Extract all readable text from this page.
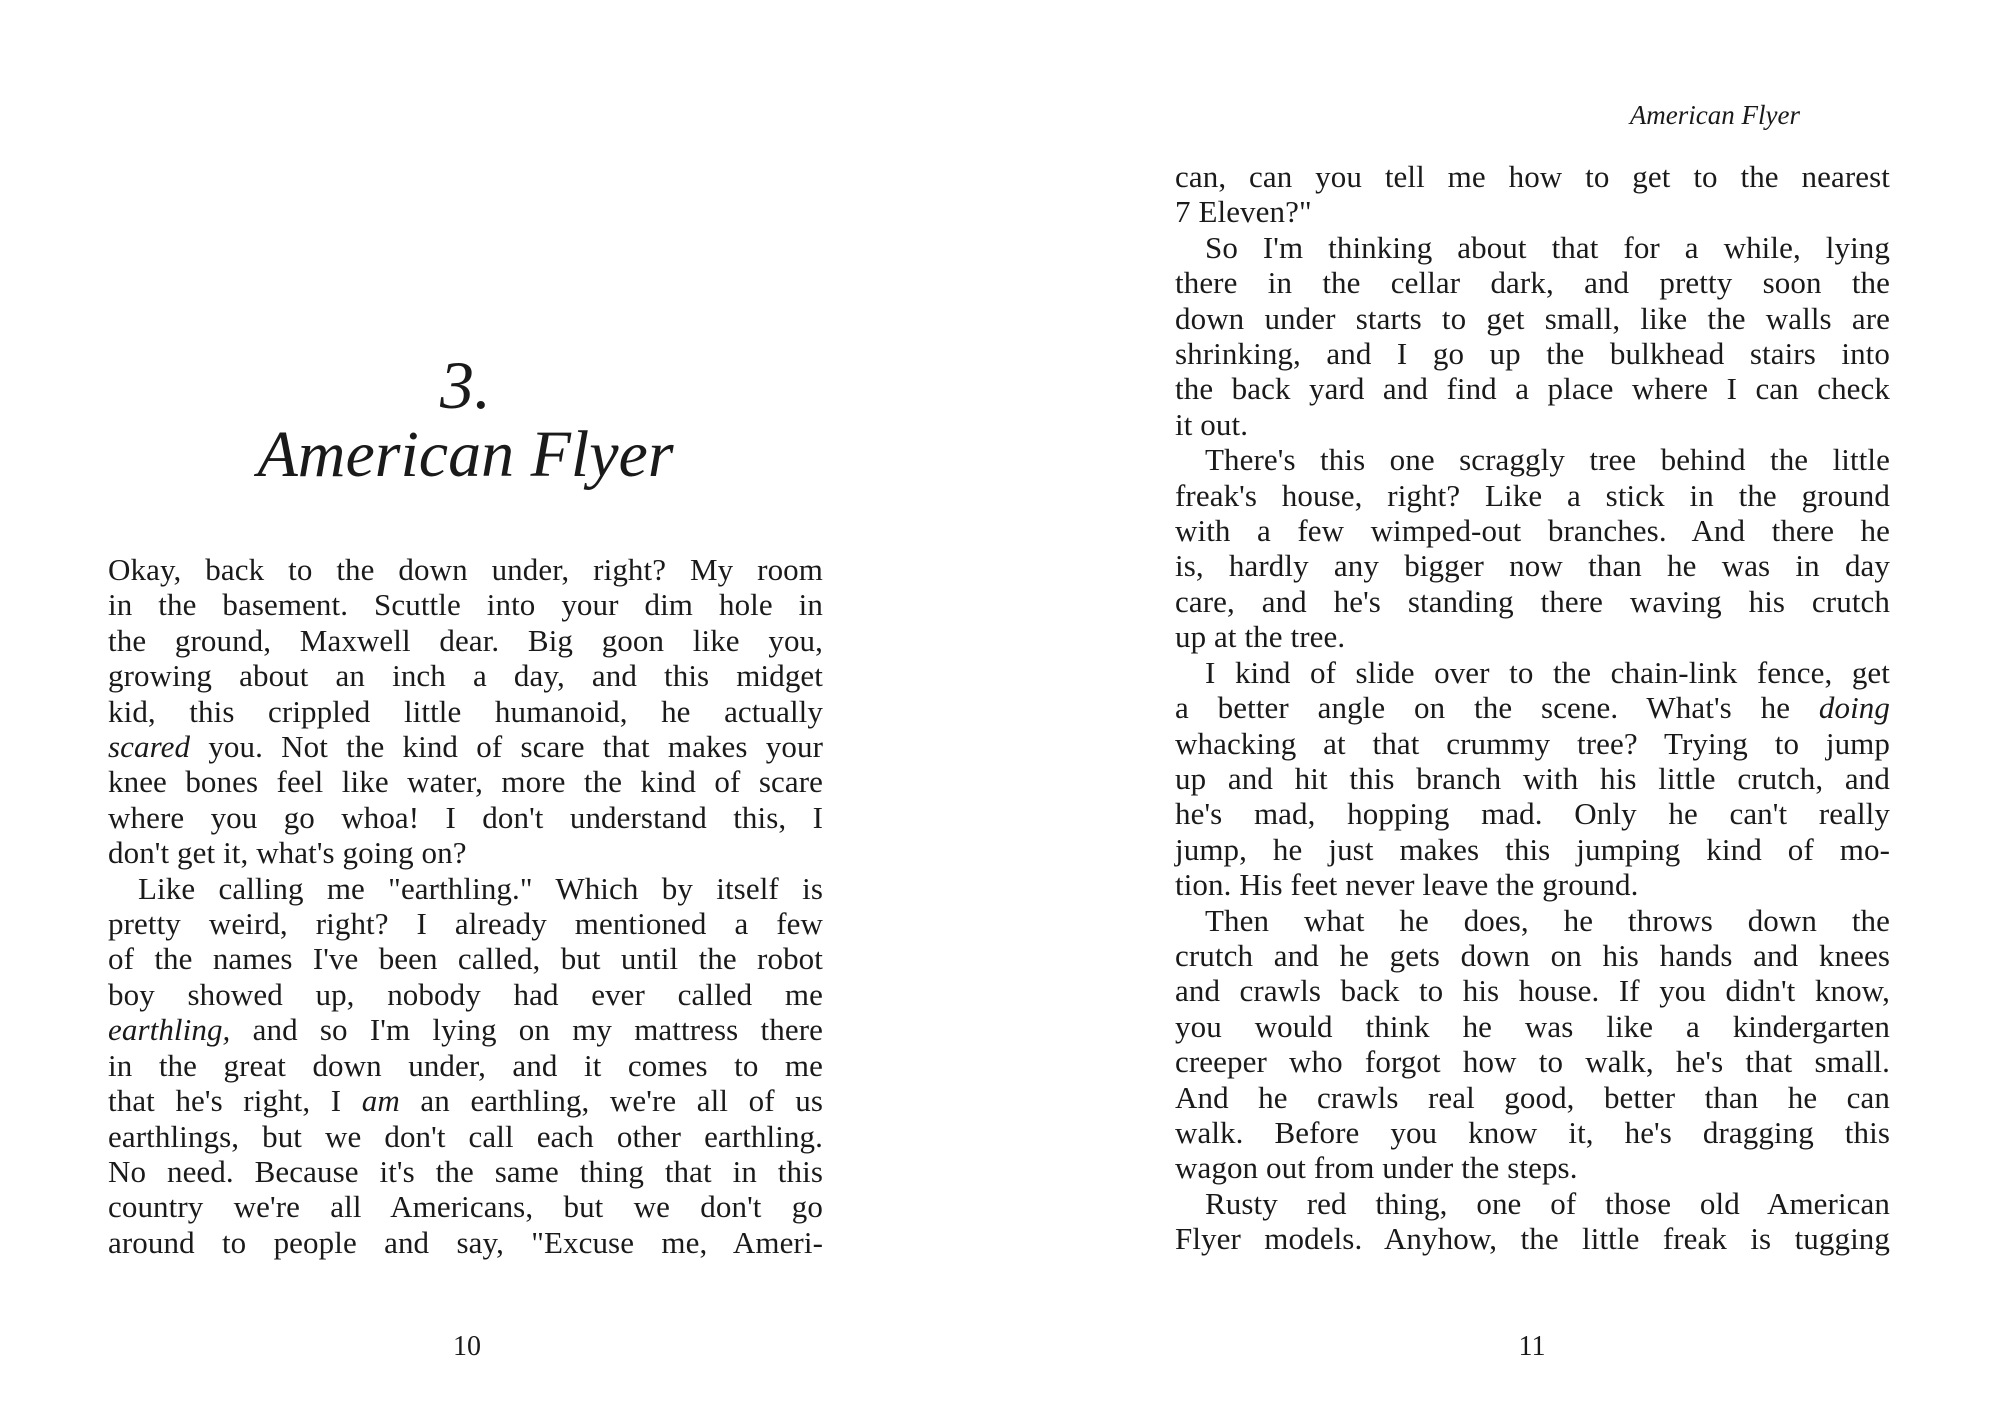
3.
American Flyer
Okay, back to the down under, right? My room
in the basement. Scuttle into your dim hole in
the ground, Maxwell dear. Big goon like you,
growing about an inch a day, and this midget
kid, this crippled little humanoid, he actually
scared you. Not the kind of scare that makes your
knee bones feel like water, more the kind of scare
where you go whoa! I don't understand this, I
don't get it, what's going on?
Like calling me "earthling." Which by itself is
pretty weird, right? I already mentioned a few
of the names I've been called, but until the robot
boy showed up, nobody had ever called me
earthling, and so I'm lying on my mattress there
in the great down under, and it comes to me
that he's right, I am an earthling, we're all of us
earthlings, but we don't call each other earthling.
No need. Because it's the same thing that in this
country we're all Americans, but we don't go
around to people and say, "Excuse me, Ameri-
10
American Flyer
can, can you tell me how to get to the nearest
7 Eleven?"
So I'm thinking about that for a while, lying
there in the cellar dark, and pretty soon the
down under starts to get small, like the walls are
shrinking, and I go up the bulkhead stairs into
the back yard and find a place where I can check
it out.
There's this one scraggly tree behind the little
freak's house, right? Like a stick in the ground
with a few wimped-out branches. And there he
is, hardly any bigger now than he was in day
care, and he's standing there waving his crutch
up at the tree.
I kind of slide over to the chain-link fence, get
a better angle on the scene. What's he doing
whacking at that crummy tree? Trying to jump
up and hit this branch with his little crutch, and
he's mad, hopping mad. Only he can't really
jump, he just makes this jumping kind of mo-
tion. His feet never leave the ground.
Then what he does, he throws down the
crutch and he gets down on his hands and knees
and crawls back to his house. If you didn't know,
you would think he was like a kindergarten
creeper who forgot how to walk, he's that small.
And he crawls real good, better than he can
walk. Before you know it, he's dragging this
wagon out from under the steps.
Rusty red thing, one of those old American
Flyer models. Anyhow, the little freak is tugging
11
